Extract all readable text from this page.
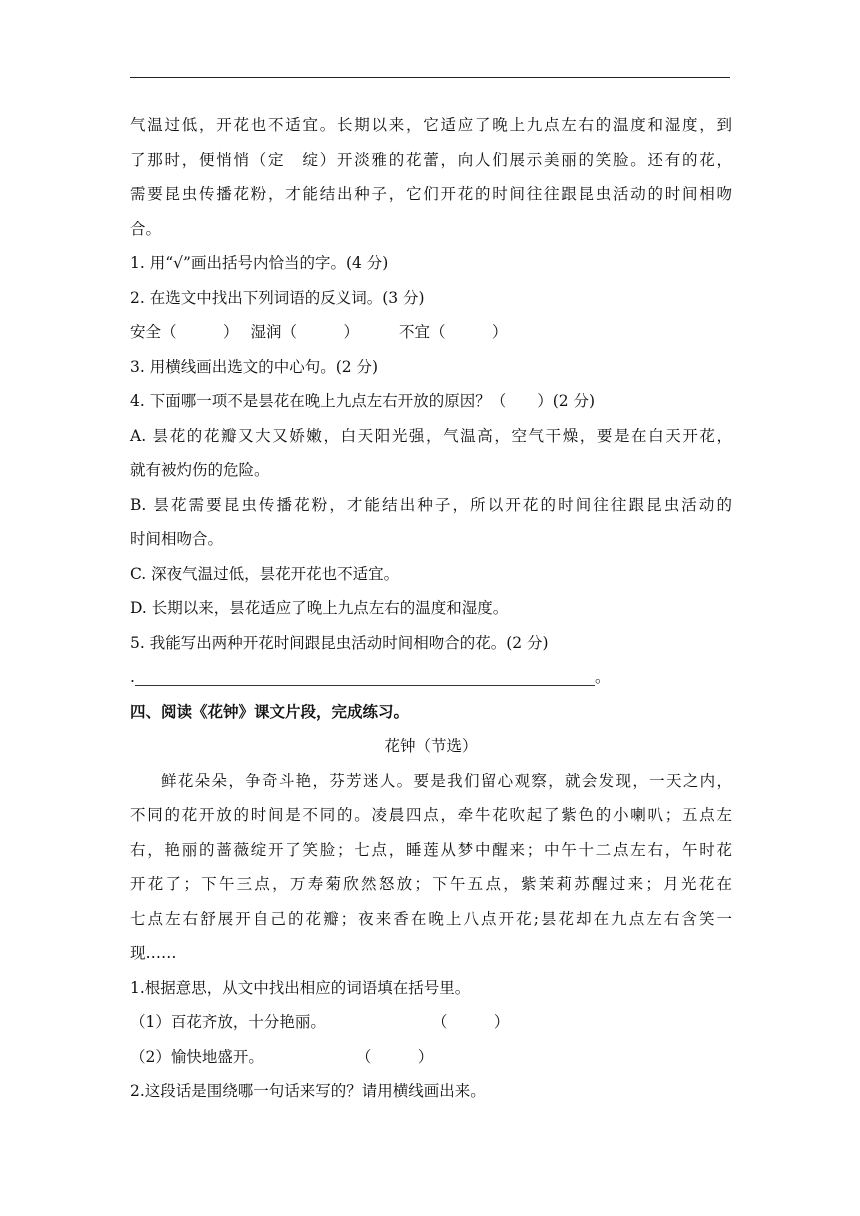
气温过低，开花也不适宜。长期以来，它适应了晚上九点左右的温度和湿度，到
了那时，便悄悄（定　绽）开淡雅的花蕾，向人们展示美丽的笑脸。还有的花，
需要昆虫传播花粉，才能结出种子，它们开花的时间往往跟昆虫活动的时间相吻
合。
1. 用“√”画出括号内恰当的字。(4 分)
2. 在选文中找出下列词语的反义词。(3 分)
安全（　　　） 湿润（　　　）	不宜（　　　）
3. 用横线画出选文的中心句。(2 分)
4. 下面哪一项不是昙花在晚上九点左右开放的原因？（　　）(2 分)
A. 昙花的花瓣又大又娇嫩，白天阳光强，气温高，空气干燥，要是在白天开花，
就有被灼伤的危险。
B. 昙花需要昆虫传播花粉，才能结出种子，所以开花的时间往往跟昆虫活动的
时间相吻合。
C. 深夜气温过低，昙花开花也不适宜。
D. 长期以来，昙花适应了晚上九点左右的温度和湿度。
5. 我能写出两种开花时间跟昆虫活动时间相吻合的花。(2 分)
.	。
四、阅读《花钟》课文片段，完成练习。
花钟（节选）
鲜花朵朵，争奇斗艳，芬芳迷人。要是我们留心观察，就会发现，一天之内，
不同的花开放的时间是不同的。凌晨四点，牵牛花吹起了紫色的小喇叭；五点左
右，艳丽的蔷薇绽开了笑脸；七点，睡莲从梦中醒来；中午十二点左右，午时花
开花了；下午三点，万寿菊欣然怒放；下午五点，紫茉莉苏醒过来；月光花在
七点左右舒展开自己的花瓣；夜来香在晚上八点开花;昙花却在九点左右含笑一
现……
1.根据意思，从文中找出相应的词语填在括号里。
（1）百花齐放，十分艳丽。	（　　　）
（2）愉快地盛开。	（　　　）
2.这段话是围绕哪一句话来写的？请用横线画出来。
